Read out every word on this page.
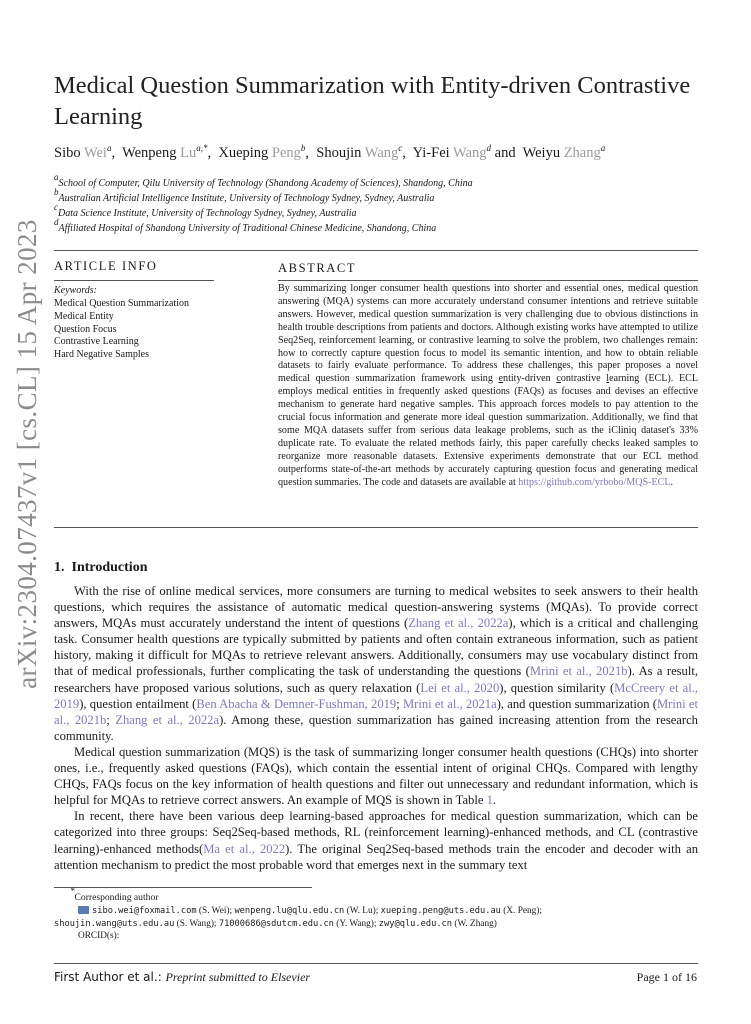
arXiv:2304.07437v1 [cs.CL] 15 Apr 2023
Medical Question Summarization with Entity-driven Contrastive Learning
Sibo Wei$^a$,  Wenpeng $Lu^{a,*}$,  Xueping Peng$^b$,  Shoujin Wang$^c$,  Yi-Fei Wang$^d$ and  Weiyu Zhang$^a$
$^a$School of Computer, Qilu University of Technology (Shandong Academy of Sciences), Shandong, China
$^b$Australian Artificial Intelligence Institute, University of Technology Sydney, Sydney, Australia
$^c$Data Science Institute, University of Technology Sydney, Sydney, Australia
$^d$Affiliated Hospital of Shandong University of Traditional Chinese Medicine, Shandong, China
ARTICLE INFO	ABSTRACT
Keywords:
Medical Question Summarization
Medical Entity
Question Focus
Contrastive Learning
Hard Negative Samples
By summarizing longer consumer health questions into shorter and essential ones, medical question answering (MQA) systems can more accurately understand consumer intentions and retrieve suitable answers. However, medical question summarization is very challenging due to obvious distinctions in health trouble descriptions from patients and doctors. Although existing works have attempted to utilize Seq2Seq, reinforcement learning, or contrastive learning to solve the problem, two challenges remain: how to correctly capture question focus to model its semantic intention, and how to obtain reliable datasets to fairly evaluate performance. To address these challenges, this paper proposes a novel medical question summarization framework using entity-driven contrastive learning (ECL). ECL employs medical entities in frequently asked questions (FAQs) as focuses and devises an effective mechanism to generate hard negative samples. This approach forces models to pay attention to the crucial focus information and generate more ideal question summarization. Additionally, we find that some MQA datasets suffer from serious data leakage problems, such as the iCliniq dataset's 33% duplicate rate. To evaluate the related methods fairly, this paper carefully checks leaked samples to reorganize more reasonable datasets. Extensive experiments demonstrate that our ECL method outperforms state-of-the-art methods by accurately capturing question focus and generating medical question summaries. The code and datasets are available at https://github.com/yrbobo/MQS-ECL.
1. Introduction

With the rise of online medical services, more consumers are turning to medical websites to seek answers to their health questions, which requires the assistance of automatic medical question-answering systems (MQAs). To provide correct answers, MQAs must accurately understand the intent of questions (Zhang et al., 2022a), which is a critical and challenging task. Consumer health questions are typically submitted by patients and often contain extraneous information, such as patient history, making it difficult for MQAs to retrieve relevant answers. Additionally, consumers may use vocabulary distinct from that of medical professionals, further complicating the task of understanding the questions (Mrini et al., 2021b). As a result, researchers have proposed various solutions, such as query relaxation (Lei et al., 2020), question similarity (McCreery et al., 2019), question entailment (Ben Abacha & Demner-Fushman, 2019; Mrini et al., 2021a), and question summarization (Mrini et al., 2021b; Zhang et al., 2022a). Among these, question summarization has gained increasing attention from the research community.

Medical question summarization (MQS) is the task of summarizing longer consumer health questions (CHQs) into shorter ones, i.e., frequently asked questions (FAQs), which contain the essential intent of original CHQs. Compared with lengthy CHQs, FAQs focus on the key information of health questions and filter out unnecessary and redundant information, which is helpful for MQAs to retrieve correct answers. An example of MQS is shown in Table 1.

In recent, there have been various deep learning-based approaches for medical question summarization, which can be categorized into three groups: Seq2Seq-based methods, RL (reinforcement learning)-enhanced methods, and CL (contrastive learning)-enhanced methods(Ma et al., 2022). The original Seq2Seq-based methods train the encoder and decoder with an attention mechanism to predict the most probable word that emerges next in the summary text

*Corresponding author
sibo.wei@foxmail.com (S. Wei); wenpeng.lu@qlu.edu.cn (W. Lu); xueping.peng@uts.edu.au (X. Peng);
shoujin.wang@uts.edu.au (S. Wang); 71000686@sdutcm.edu.cn (Y. Wang); zwy@qlu.edu.cn (W. Zhang)
ORCID(s):
First Author et al.: Preprint submitted to Elsevier	Page 1 of 16
